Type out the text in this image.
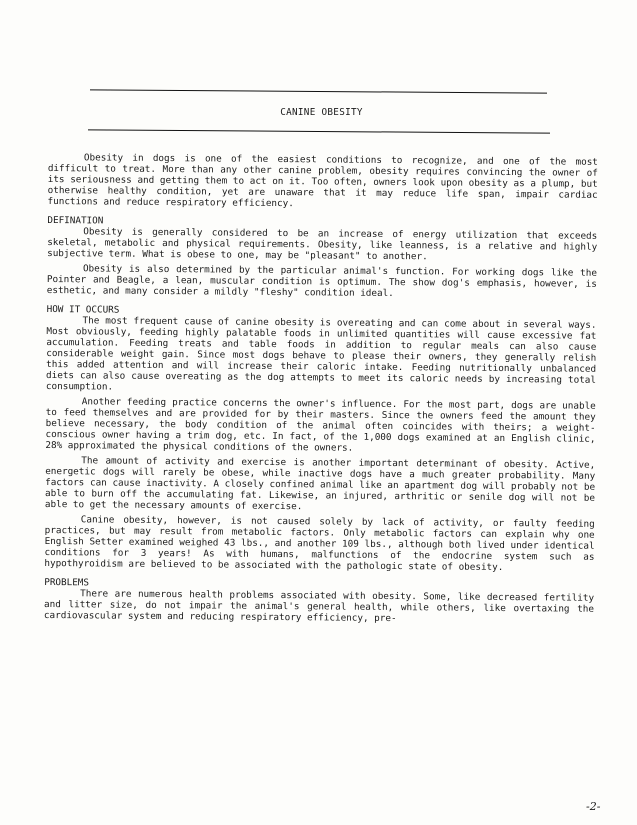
CANINE OBESITY

Obesity in dogs is one of the easiest conditions to recognize, and one of the most difficult to treat. More than any other canine problem, obesity requires convincing the owner of its seriousness and getting them to act on it. Too often, owners look upon obesity as a plump, but otherwise healthy condition, yet are unaware that it may reduce life span, impair cardiac functions and reduce respiratory efficiency.

DEFINATION

Obesity is generally considered to be an increase of energy utilization that exceeds skeletal, metabolic and physical requirements. Obesity, like leanness, is a relative and highly subjective term. What is obese to one, may be "pleasant" to another.

Obesity is also determined by the particular animal's function. For working dogs like the Pointer and Beagle, a lean, muscular condition is optimum. The show dog's emphasis, however, is esthetic, and many consider a mildly "fleshy" condition ideal.

HOW IT OCCURS

The most frequent cause of canine obesity is overeating and can come about in several ways. Most obviously, feeding highly palatable foods in unlimited quantities will cause excessive fat accumulation. Feeding treats and table foods in addition to regular meals can also cause considerable weight gain. Since most dogs behave to please their owners, they generally relish this added attention and will increase their caloric intake. Feeding nutritionally unbalanced diets can also cause overeating as the dog attempts to meet its caloric needs by increasing total consumption.

Another feeding practice concerns the owner's influence. For the most part, dogs are unable to feed themselves and are provided for by their masters. Since the owners feed the amount they believe necessary, the body condition of the animal often coincides with theirs; a weight-conscious owner having a trim dog, etc. In fact, of the 1,000 dogs examined at an English clinic, 28% approximated the physical conditions of the owners.

The amount of activity and exercise is another important determinant of obesity. Active, energetic dogs will rarely be obese, while inactive dogs have a much greater probability. Many factors can cause inactivity. A closely confined animal like an apartment dog will probably not be able to burn off the accumulating fat. Likewise, an injured, arthritic or senile dog will not be able to get the necessary amounts of exercise.

Canine obesity, however, is not caused solely by lack of activity, or faulty feeding practices, but may result from metabolic factors. Only metabolic factors can explain why one English Setter examined weighed 43 lbs., and another 109 lbs., although both lived under identical conditions for 3 years! As with humans, malfunctions of the endocrine system such as hypothyroidism are believed to be associated with the pathologic state of obesity.

PROBLEMS

There are numerous health problems associated with obesity. Some, like decreased fertility and litter size, do not impair the animal's general health, while others, like overtaxing the cardiovascular system and reducing respiratory efficiency, pre-

-2-
